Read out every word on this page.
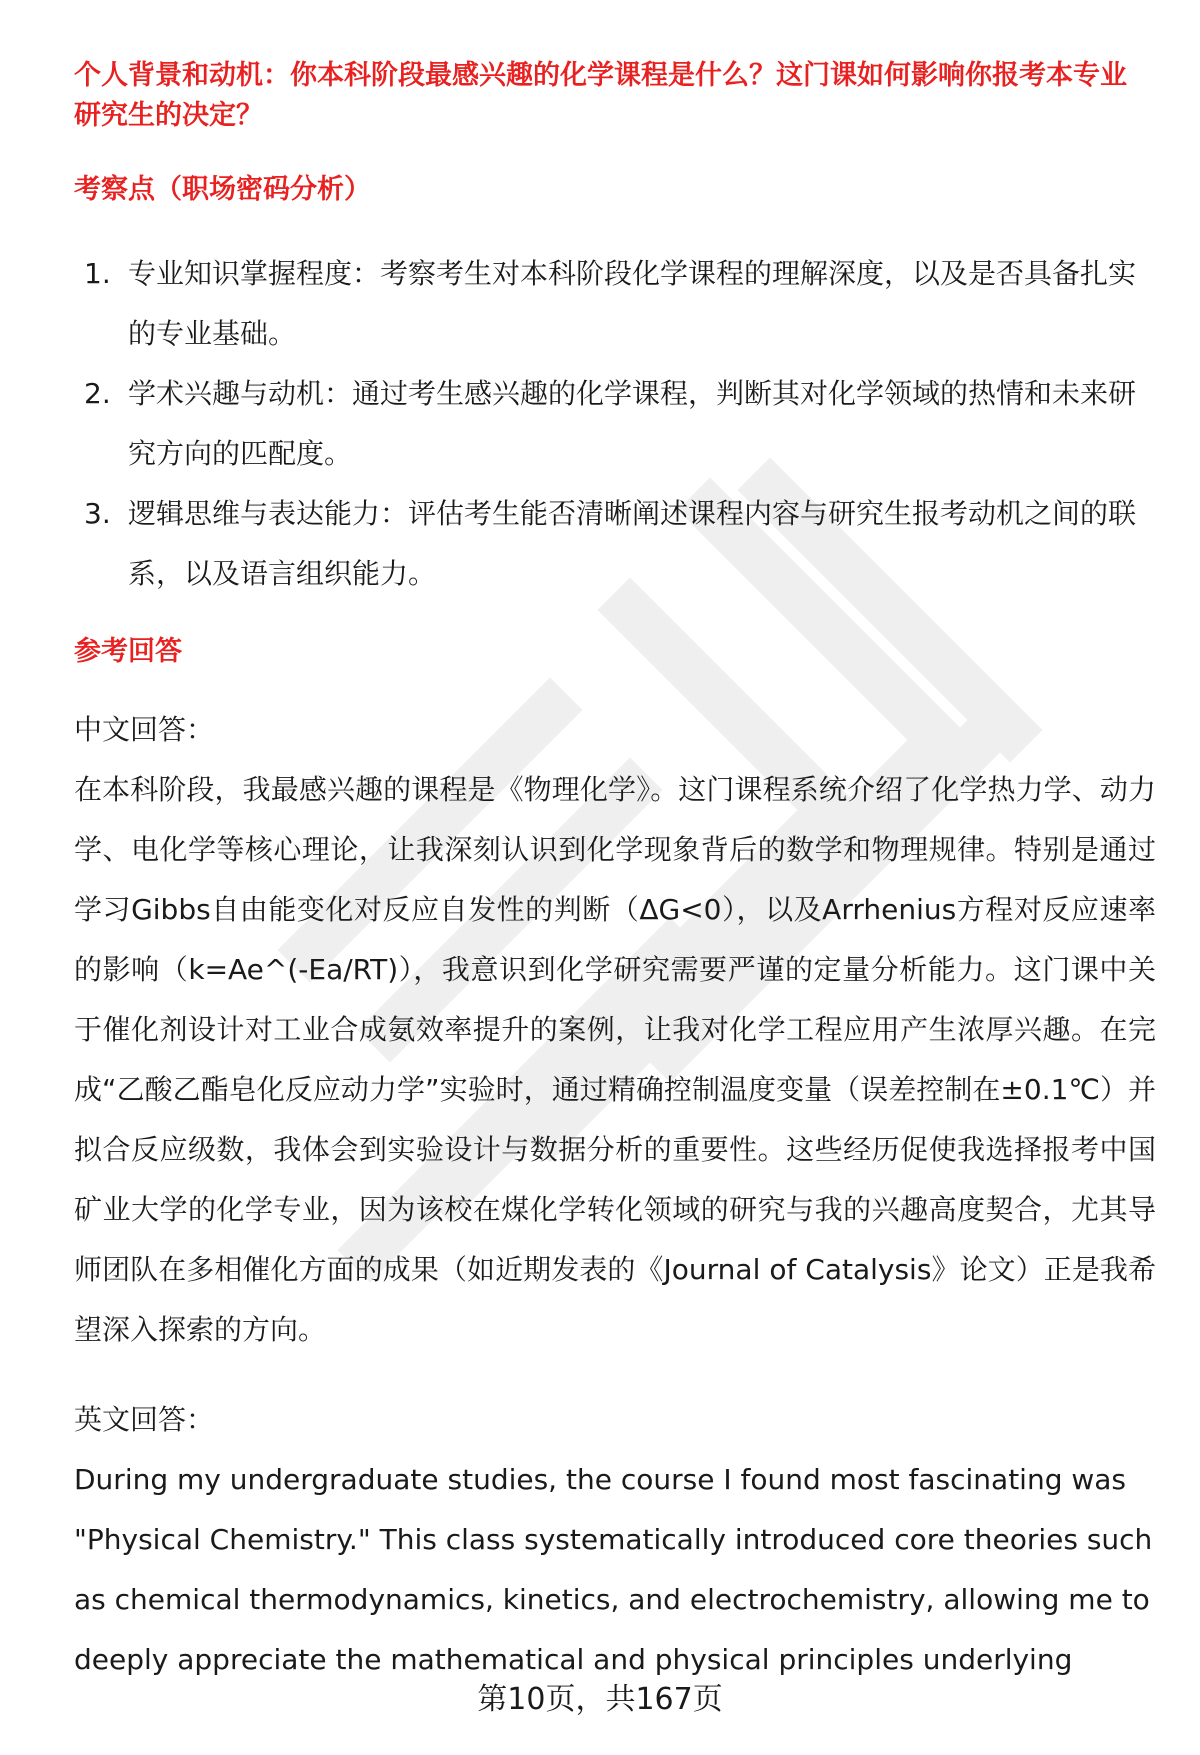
个人背景和动机：你本科阶段最感兴趣的化学课程是什么？这门课如何影响你报考本专业研究生的决定？
考察点（职场密码分析）
1. 专业知识掌握程度：考察考生对本科阶段化学课程的理解深度，以及是否具备扎实的专业基础。
2. 学术兴趣与动机：通过考生感兴趣的化学课程，判断其对化学领域的热情和未来研究方向的匹配度。
3. 逻辑思维与表达能力：评估考生能否清晰阐述课程内容与研究生报考动机之间的联系，以及语言组织能力。
参考回答

中文回答：

在本科阶段，我最感兴趣的课程是《物理化学》。这门课程系统介绍了化学热力学、动力学、电化学等核心理论，让我深刻认识到化学现象背后的数学和物理规律。特别是通过学习Gibbs自由能变化对反应自发性的判断（ΔG<0），以及Arrhenius方程对反应速率的影响（k=Ae^(-Ea/RT)），我意识到化学研究需要严谨的定量分析能力。这门课中关于催化剂设计对工业合成氨效率提升的案例，让我对化学工程应用产生浓厚兴趣。在完成“乙酸乙酯皂化反应动力学”实验时，通过精确控制温度变量（误差控制在±0.1℃）并拟合反应级数，我体会到实验设计与数据分析的重要性。这些经历促使我选择报考中国矿业大学的化学专业，因为该校在煤化学转化领域的研究与我的兴趣高度契合，尤其导师团队在多相催化方面的成果（如近期发表的《Journal of Catalysis》论文）正是我希望深入探索的方向。

英文回答：

During my undergraduate studies, the course I found most fascinating was "Physical Chemistry." This class systematically introduced core theories such as chemical thermodynamics, kinetics, and electrochemistry, allowing me to deeply appreciate the mathematical and physical principles underlying

第10页，共167页
